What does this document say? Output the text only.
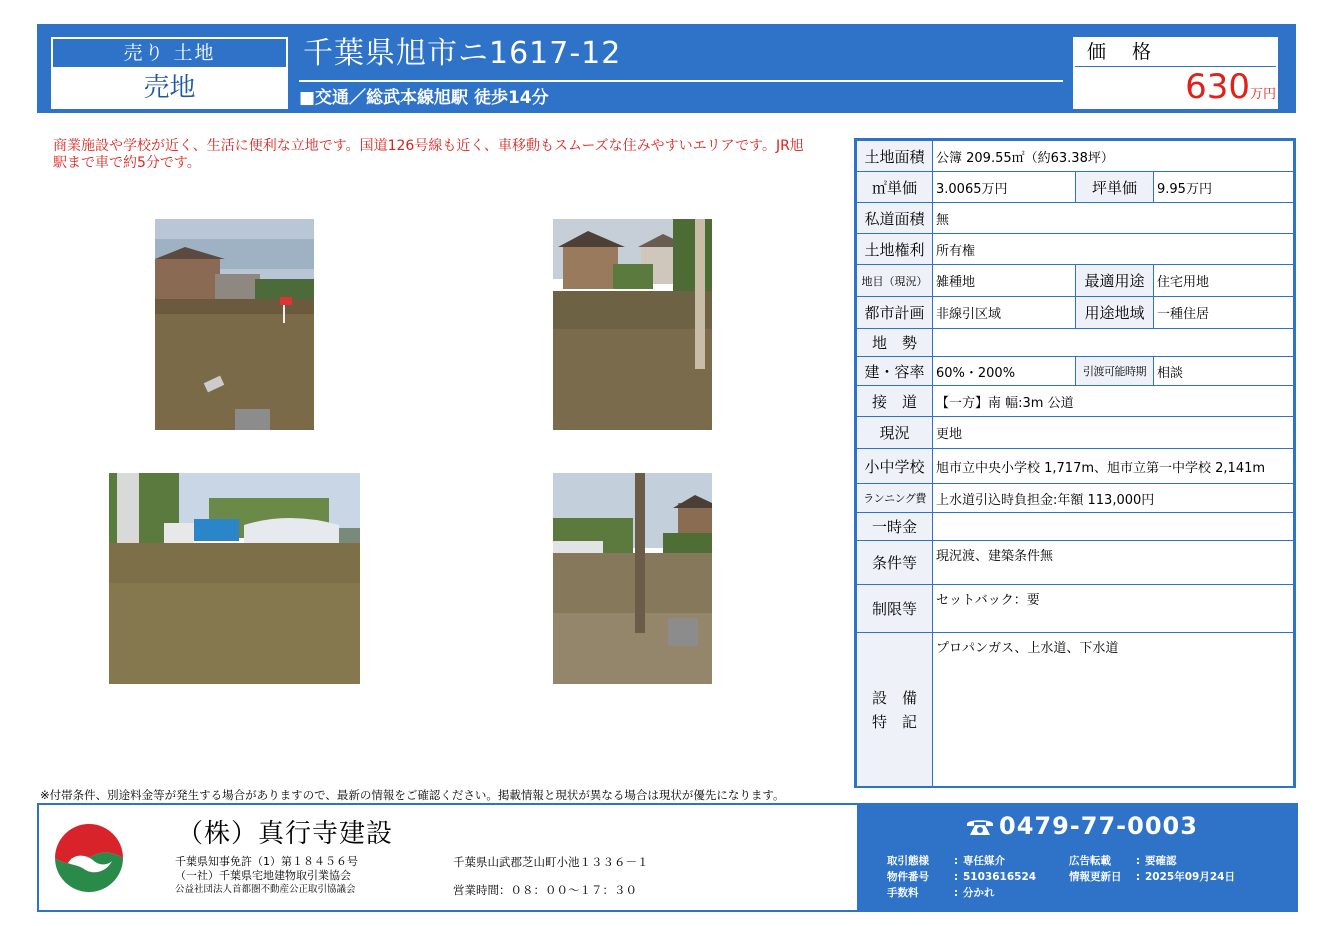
売り 土地
売地
千葉県旭市ニ1617-12
■交通／総武本線旭駅 徒歩14分
価 格
630万円
商業施設や学校が近く、生活に便利な立地です。国道126号線も近く、車移動もスムーズな住みやすいエリアです。JR旭駅まで車で約5分です。	土地面積	公簿 209.55㎡（約63.38坪）		
㎡単価	3.0065万円	坪単価	9.95万円
私道面積	無		
土地権利	所有権		
地目（現況）	雑種地	最適用途	住宅用地
都市計画	非線引区域	用途地域	一種住居
地　勢			
建・容率	60%・200%	引渡可能時期	相談
接　道	【一方】南 幅:3m 公道		
現況	更地		
小中学校	旭市立中央小学校 1,717m、旭市立第一中学校 2,141m		
ランニング費	上水道引込時負担金:年額 113,000円		
一時金			
条件等	現況渡、建築条件無		
制限等	セットバック：要		

設　備
特　記	プロパンガス、上水道、下水道		
※付帯条件、別途料金等が発生する場合がありますので、最新の情報をご確認ください。掲載情報と現状が異なる場合は現状が優先になります。
（株）真行寺建設
千葉県知事免許（1）第１８４５６号
（一社）千葉県宅地建物取引業協会
公益社団法人首都圏不動産公正取引協議会
千葉県山武郡芝山町小池１３３６－１
営業時間：０８：００～１７：３０
0479-77-0003
取引態様 : 専任媒介
物件番号 : 5103616524
手数料	: 分かれ
広告転載 : 要確認
情報更新日 : 2025年09月24日
